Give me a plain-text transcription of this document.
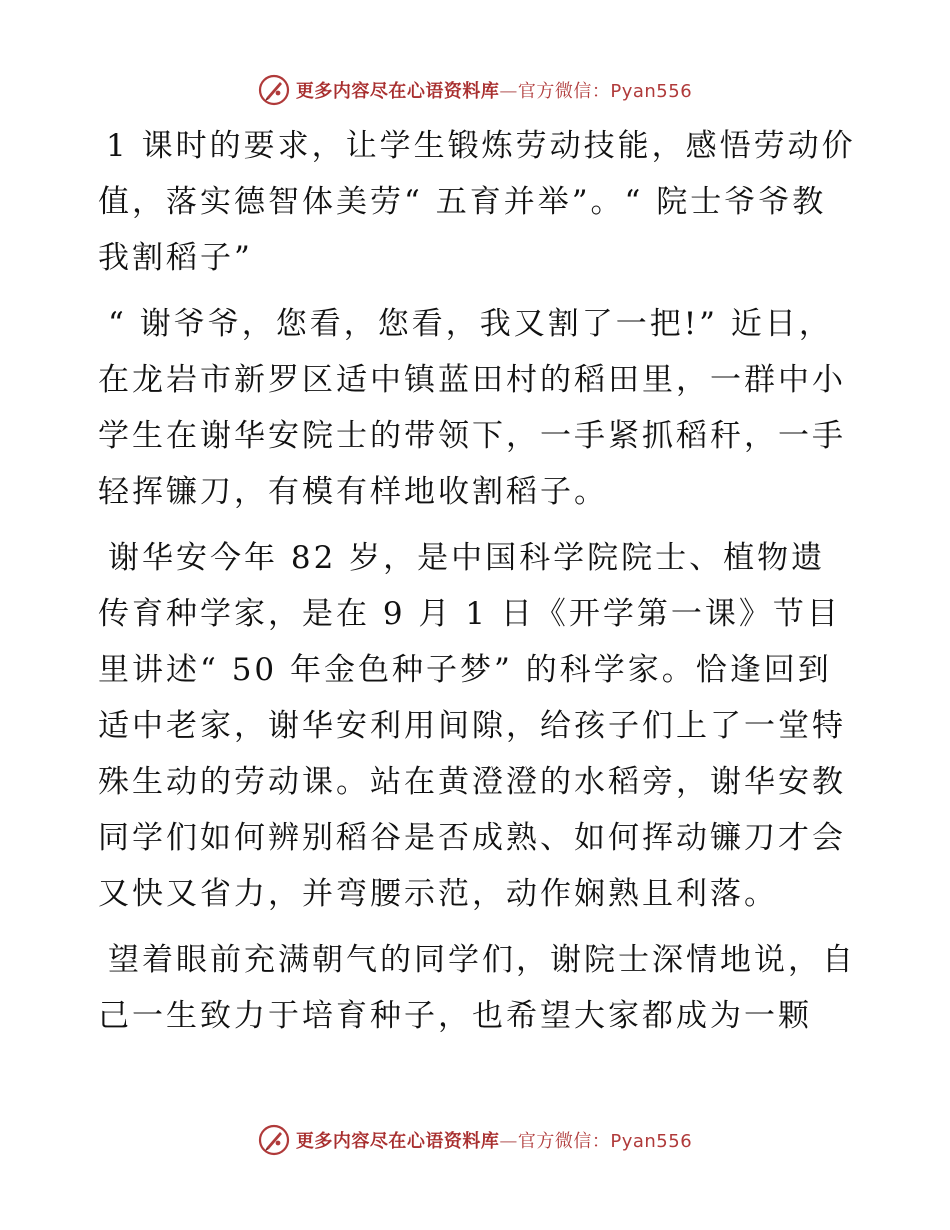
更多内容尽在心语资料库—官方微信：Pyan556

1 课时的要求，让学生锻炼劳动技能，感悟劳动价值，落实德智体美劳“ 五育并举”。“ 院士爷爷教我割稻子”

“ 谢爷爷，您看，您看，我又割了一把!” 近日，在龙岩市新罗区适中镇蓝田村的稻田里，一群中小学生在谢华安院士的带领下，一手紧抓稻秆，一手轻挥镰刀，有模有样地收割稻子。

谢华安今年 82 岁，是中国科学院院士、植物遗传育种学家，是在 9 月 1 日《开学第一课》节目里讲述“ 50 年金色种子梦” 的科学家。恰逢回到适中老家，谢华安利用间隙，给孩子们上了一堂特殊生动的劳动课。站在黄澄澄的水稻旁，谢华安教同学们如何辨别稻谷是否成熟、如何挥动镰刀才会又快又省力，并弯腰示范，动作娴熟且利落。

望着眼前充满朝气的同学们，谢院士深情地说，自己一生致力于培育种子，也希望大家都成为一颗

更多内容尽在心语资料库—官方微信：Pyan556
